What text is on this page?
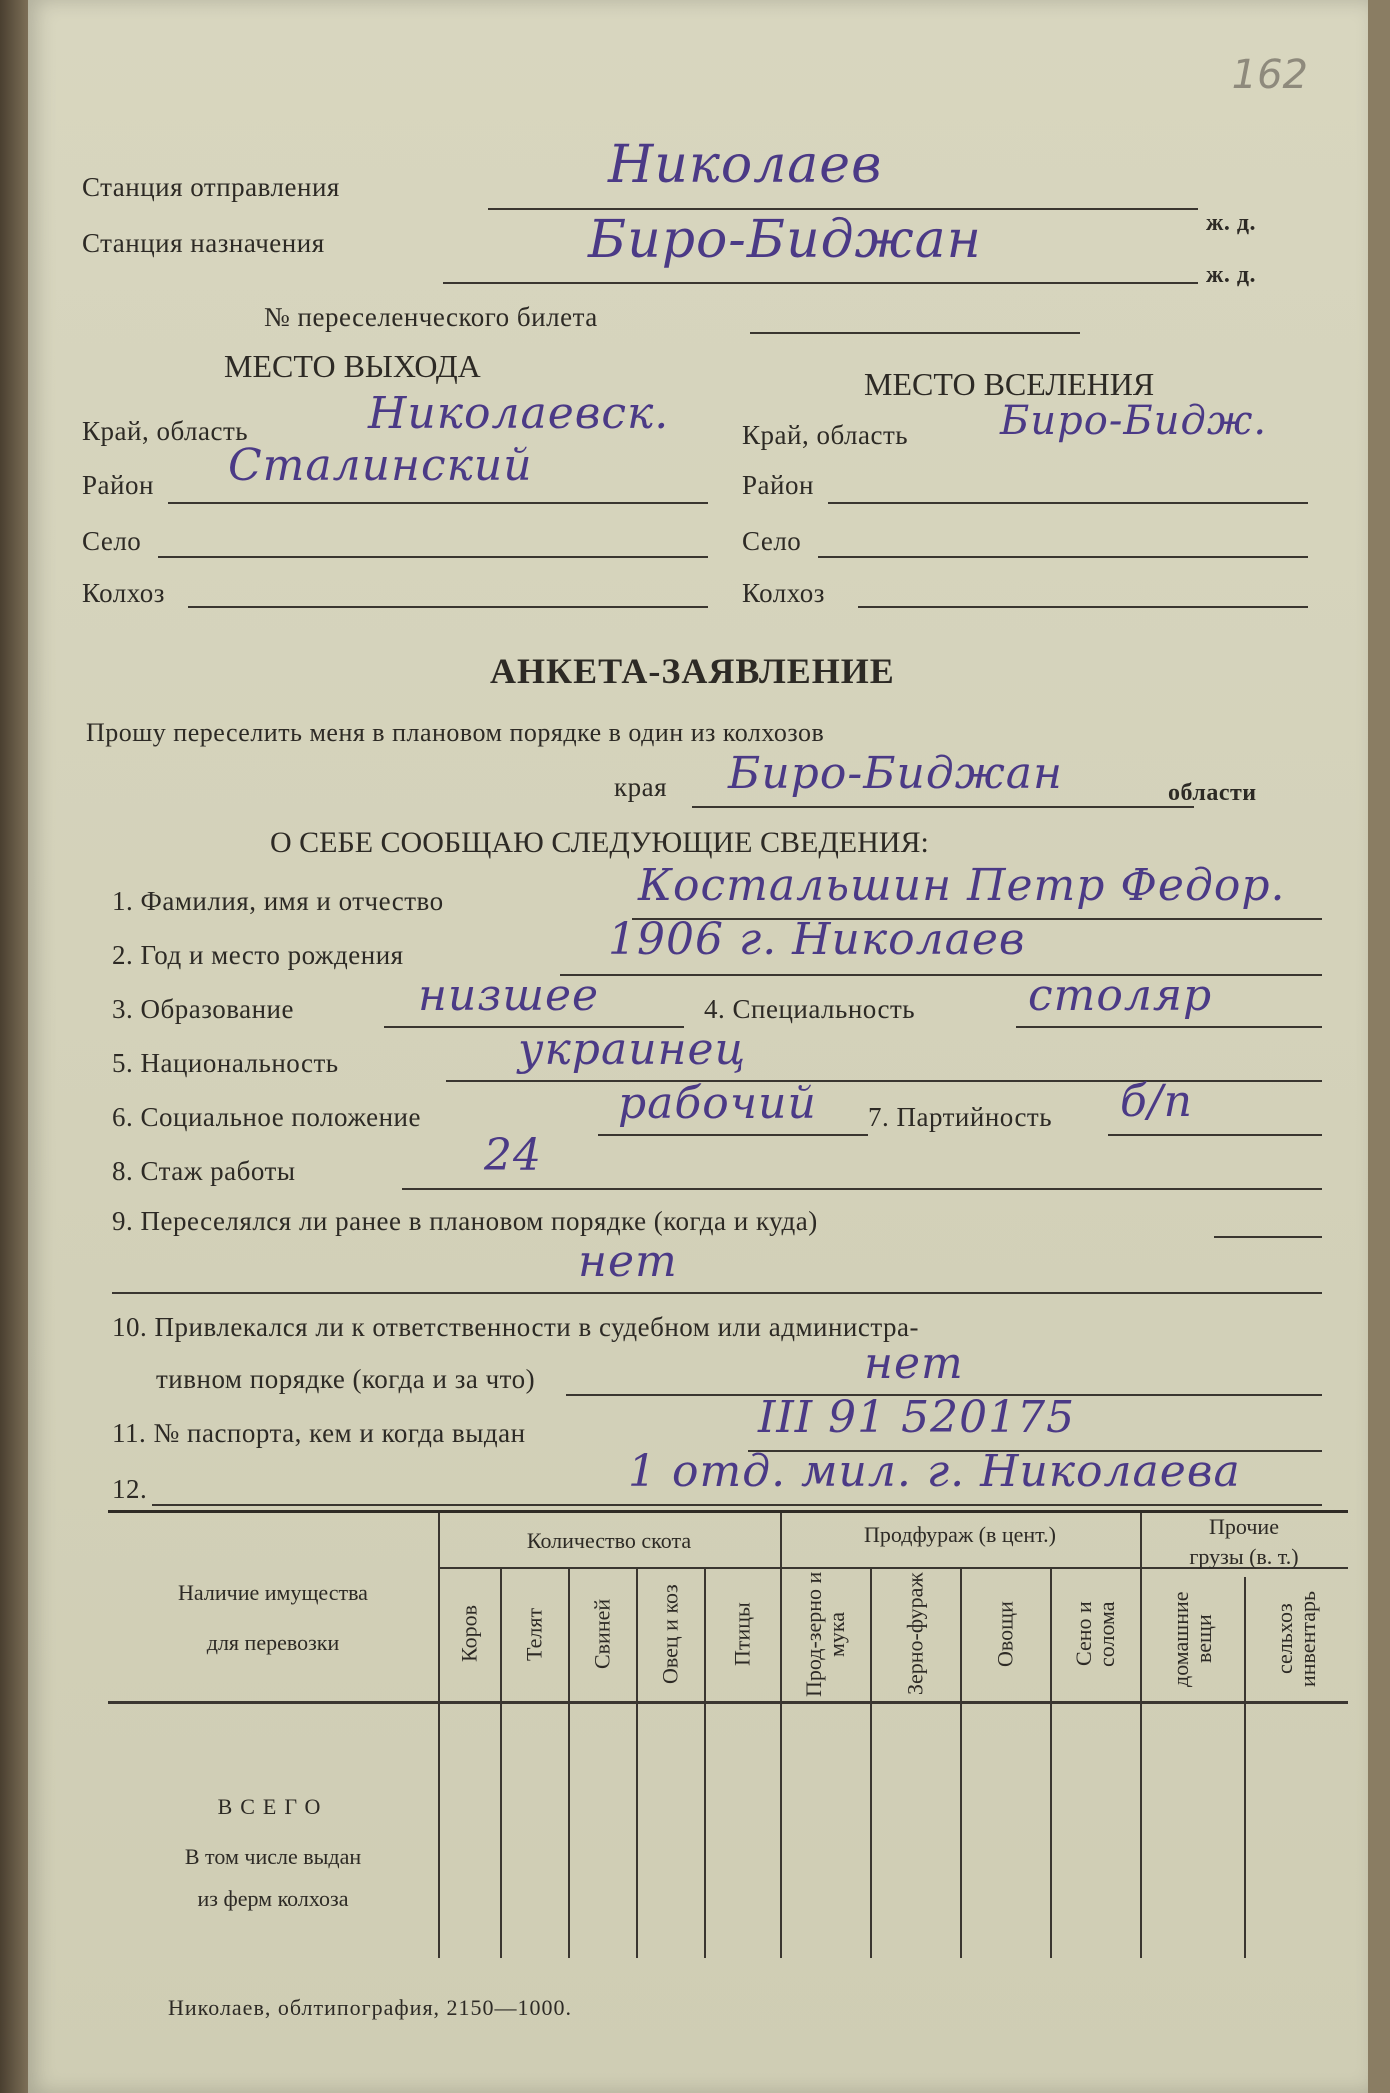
162
Станция отправления	Николаев
ж. д.
Станция назначения	Биро-Биджан
ж. д.
№ переселенческого билета
МЕСТО ВЫХОДА	МЕСТО ВСЕЛЕНИЯ
Край, область	Николаевск.	Край, область Биро-Бидж.
Район Сталинский	Район
Село	Село
Колхоз	Колхоз
АНКЕТА-ЗАЯВЛЕНИЕ
Прошу переселить меня в плановом порядке в один из колхозов
края Биро-Биджан	области
О СЕБЕ СООБЩАЮ СЛЕДУЮЩИЕ СВЕДЕНИЯ:
1. Фамилия, имя и отчество	Костальшин Петр Федор.
2. Год и место рождения	1906 г. Николаев
3. Образование	низшее	4. Специальность	столяр
5. Национальность	украинец
6. Социальное положение	рабочий 7. Партийность б/п
8. Стаж работы	24
9. Переселялся ли ранее в плановом порядке (когда и куда)
нет
10. Привлекался ли к ответственности в судебном или администра-
тивном порядке (когда и за что)	нет
11. № паспорта, кем и когда выдан	III 91 520175
12.	1 отд. мил. г. Николаева
Наличие имущества
для перевозки
Количество скота	Продфураж (в цент.)	Прочие
грузы (в. т.)
Коров	Телят	Свиней	Овец и коз	Птицы	Прод-зерно и мука	Зерно-фураж	Овощи	Сено и солома	домашние вещи	сельхоз инвентарь
ВСЕГО
В том числе выдан
из ферм колхоза
Николаев, облтипография, 2150—1000.
